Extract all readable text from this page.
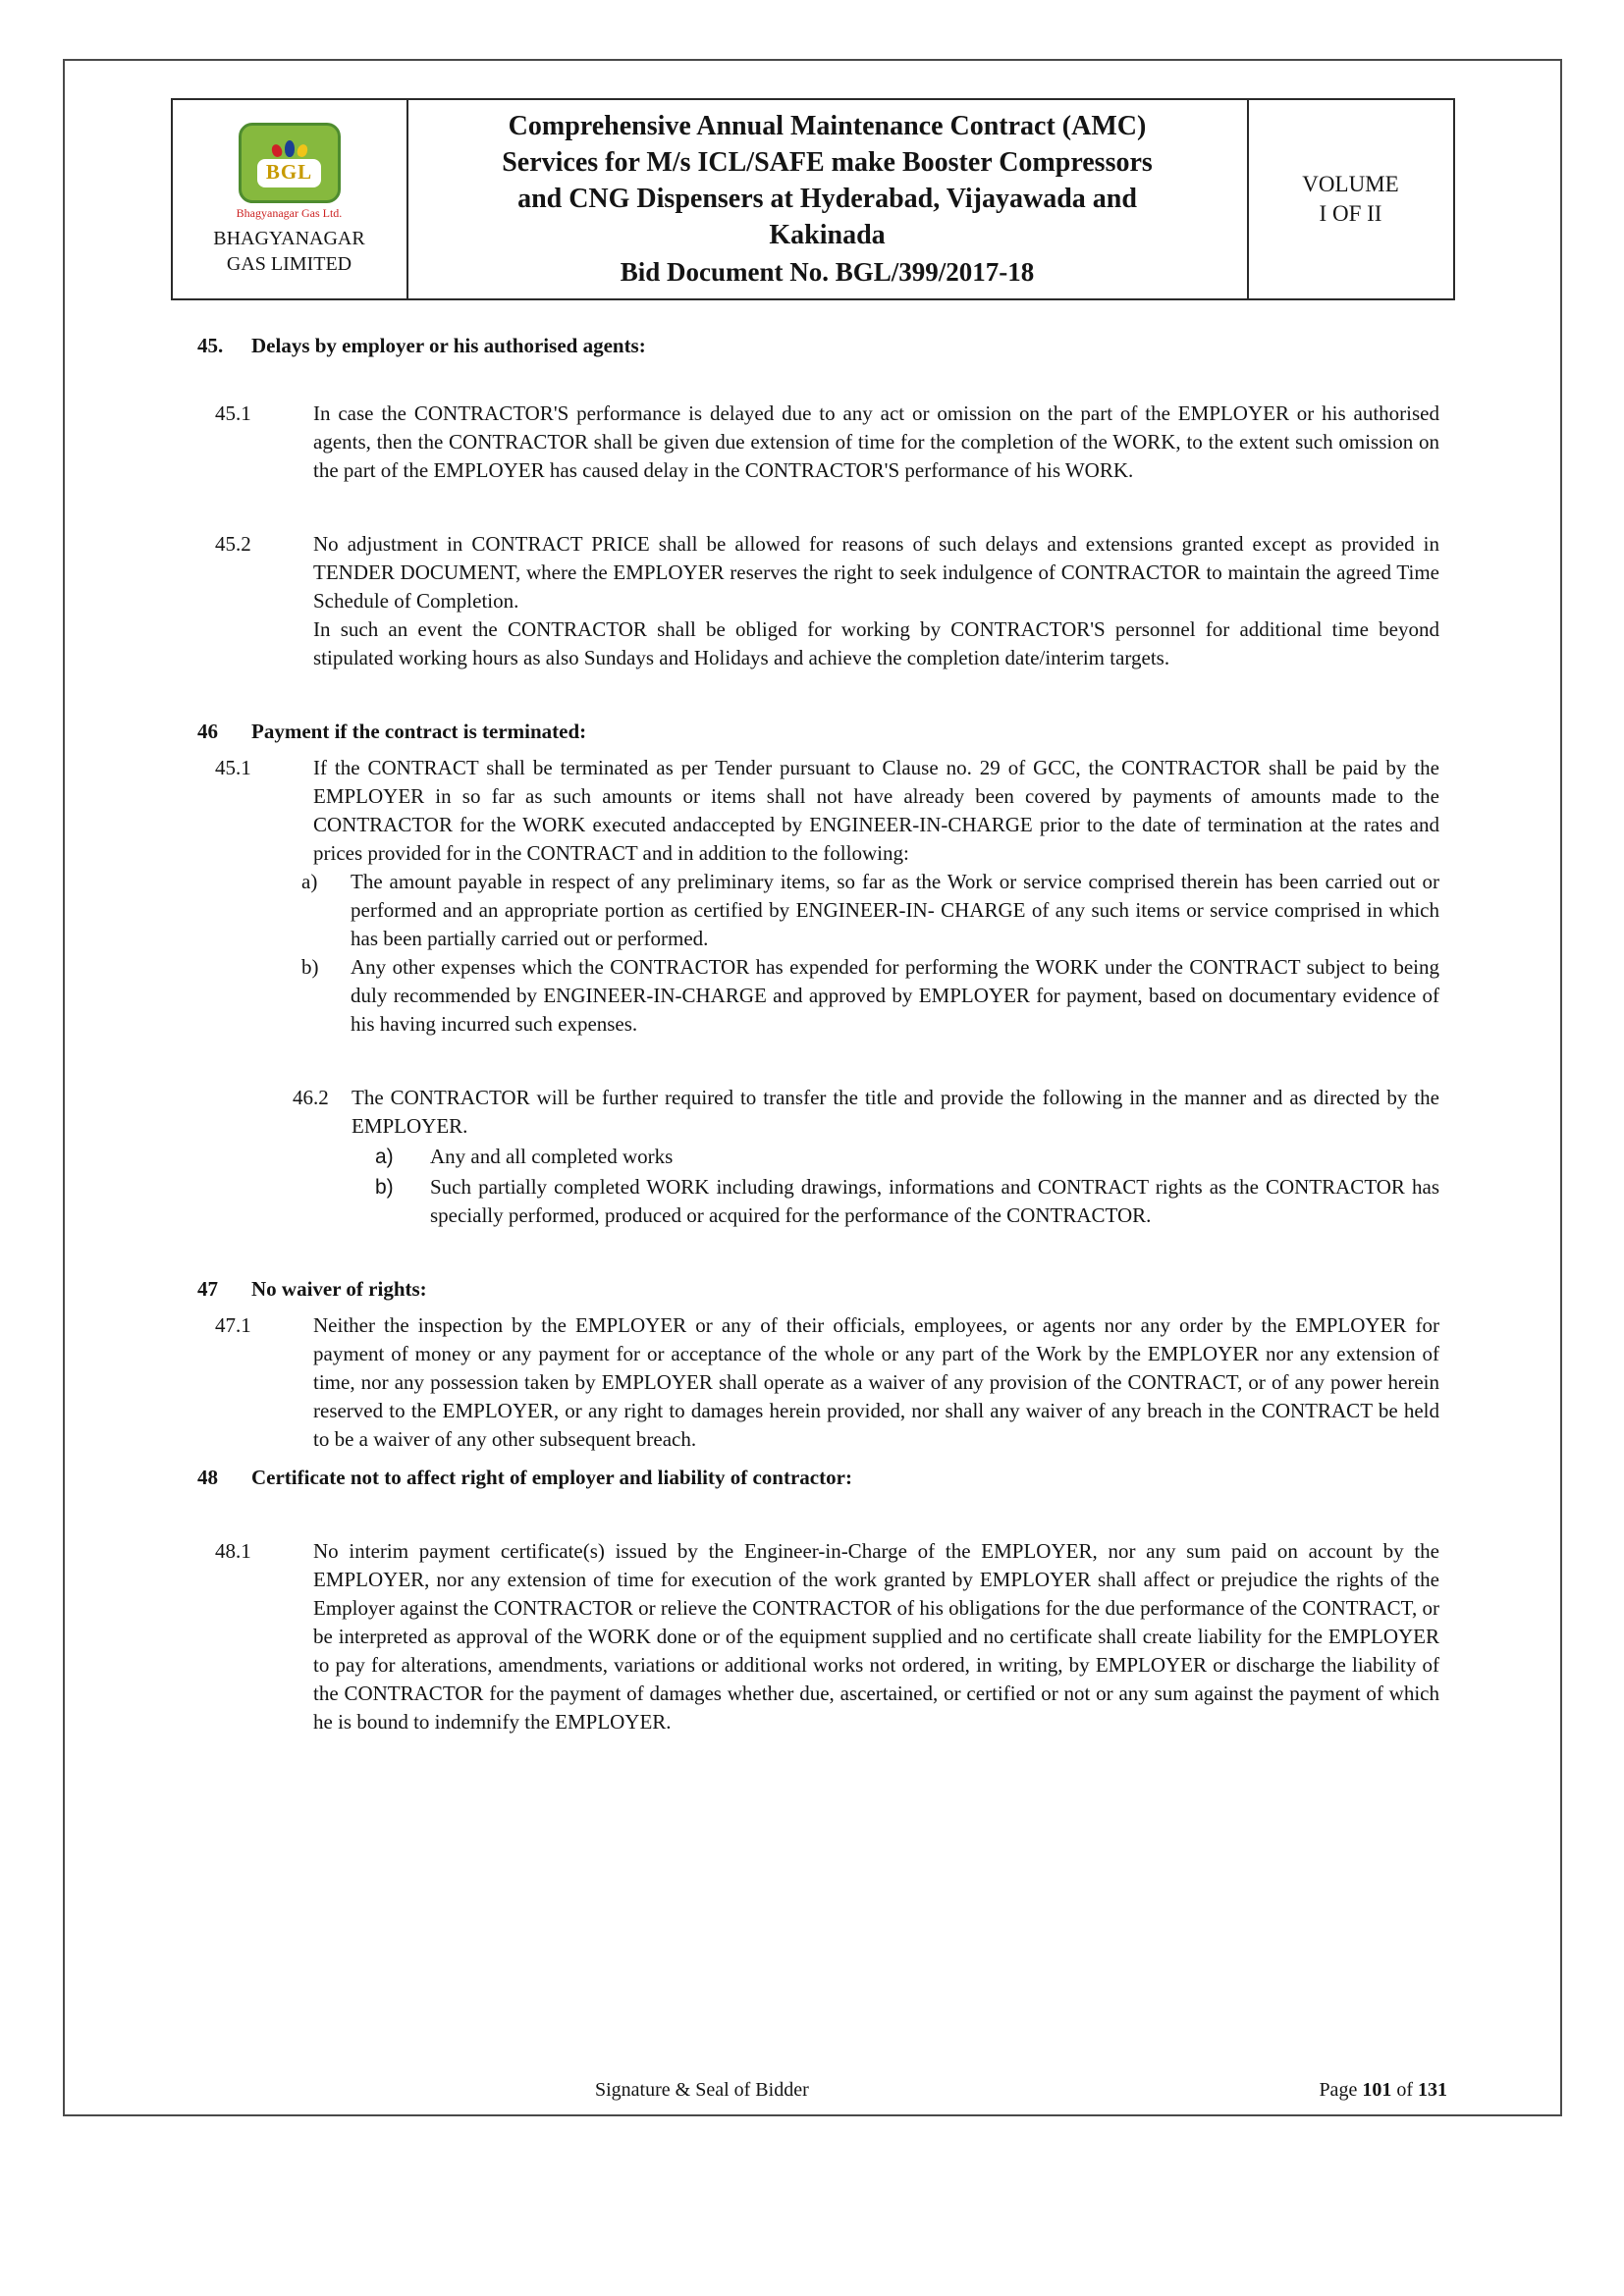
BGL
Bhagyanagar Gas Ltd.
BHAGYANAGAR
GAS LIMITED

Comprehensive Annual Maintenance Contract (AMC)
Services for M/s ICL/SAFE make Booster Compressors
and CNG Dispensers at Hyderabad, Vijayawada and
Kakinada
Bid Document No. BGL/399/2017-18

VOLUME
I OF II
45.	Delays by employer or his authorised agents:
45.1	In case the CONTRACTOR'S performance is delayed due to any act or omission on the part of the EMPLOYER or his authorised agents, then the CONTRACTOR shall be given due extension of time for the completion of the WORK, to the extent such omission on the part of the EMPLOYER has caused delay in the CONTRACTOR'S performance of his WORK.

45.2	No adjustment in CONTRACT PRICE shall be allowed for reasons of such delays and extensions granted except as provided in TENDER DOCUMENT, where the EMPLOYER reserves the right to seek indulgence of CONTRACTOR to maintain the agreed Time Schedule of Completion.

In such an event the CONTRACTOR shall be obliged for working by CONTRACTOR'S personnel for additional time beyond stipulated working hours as also Sundays and Holidays and achieve the completion date/interim targets.

46	Payment if the contract is terminated:
45.1	If the CONTRACT shall be terminated as per Tender pursuant to Clause no. 29 of GCC, the CONTRACTOR shall be paid by the EMPLOYER in so far as such amounts or items shall not have already been covered by payments of amounts made to the CONTRACTOR for the WORK executed andaccepted by ENGINEER-IN-CHARGE prior to the date of termination at the rates and prices provided for in the CONTRACT and in addition to the following:

a)	The amount payable in respect of any preliminary items, so far as the Work or service comprised therein has been carried out or performed and an appropriate portion as certified by ENGINEER-IN- CHARGE of any such items or service comprised in which has been partially carried out or performed.
b)	Any other expenses which the CONTRACTOR has expended for performing the WORK under the CONTRACT subject to being duly recommended by ENGINEER-IN-CHARGE and approved by EMPLOYER for payment, based on documentary evidence of his having incurred such expenses.
46.2	The CONTRACTOR will be further required to transfer the title and provide the following in the manner and as directed by the EMPLOYER.

a)	Any and all completed works
b)	Such partially completed WORK including drawings, informations and CONTRACT rights as the CONTRACTOR has specially performed, produced or acquired for the performance of the CONTRACTOR.
47	No waiver of rights:
47.1	Neither the inspection by the EMPLOYER or any of their officials, employees, or agents nor any order by the EMPLOYER for payment of money or any payment for or acceptance of the whole or any part of the Work by the EMPLOYER nor any extension of time, nor any possession taken by EMPLOYER shall operate as a waiver of any provision of the CONTRACT, or of any power herein reserved to the EMPLOYER, or any right to damages herein provided, nor shall any waiver of any breach in the CONTRACT be held to be a waiver of any other subsequent breach.

48	Certificate not to affect right of employer and liability of contractor:
48.1	No interim payment certificate(s) issued by the Engineer-in-Charge of the EMPLOYER, nor any sum paid on account by the EMPLOYER, nor any extension of time for execution of the work granted by EMPLOYER shall affect or prejudice the rights of the Employer against the CONTRACTOR or relieve the CONTRACTOR of his obligations for the due performance of the CONTRACT, or be interpreted as approval of the WORK done or of the equipment supplied and no certificate shall create liability for the EMPLOYER to pay for alterations, amendments, variations or additional works not ordered, in writing, by EMPLOYER or discharge the liability of the CONTRACTOR for the payment of damages whether due, ascertained, or certified or not or any sum against the payment of which he is bound to indemnify the EMPLOYER.

Signature & Seal of Bidder	Page 101 of 131
